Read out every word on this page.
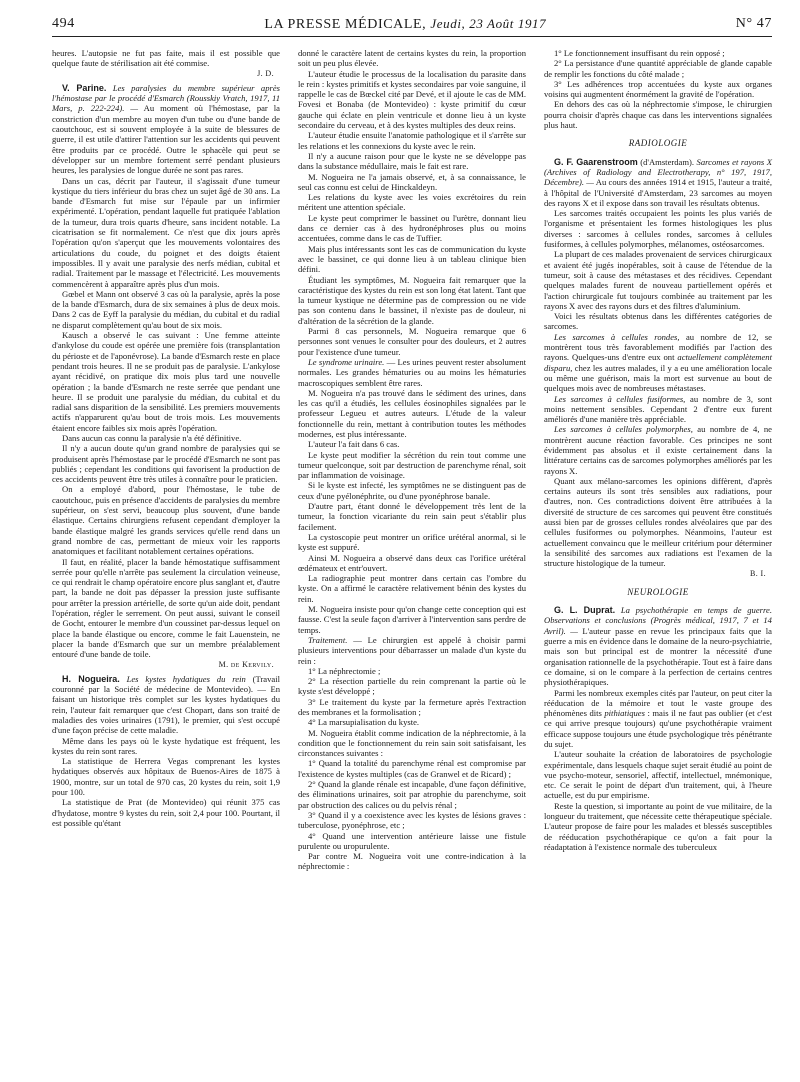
494	LA PRESSE MÉDICALE, Jeudi, 23 Août 1917	N° 47

heures. L'autopsie ne fut pas faite, mais il est possible que quelque faute de stérilisation ait été commise.

J. D.

V. Parine. Les paralysies du membre supérieur après l'hémostase par le procédé d'Esmarch (Rousskiy Vratch, 1917, 11 Mars, p. 222-224). — Au moment où l'hémostase, par la constriction d'un membre au moyen d'un tube ou d'une bande de caoutchouc, est si souvent employée à la suite de blessures de guerre, il est utile d'attirer l'attention sur les accidents qui peuvent être produits par ce procédé. Outre le sphacèle qui peut se développer sur un membre fortement serré pendant plusieurs heures, les paralysies de longue durée ne sont pas rares.

Dans un cas, décrit par l'auteur, il s'agissait d'une tumeur kystique du tiers inférieur du bras chez un sujet âgé de 30 ans. La bande d'Esmarch fut mise sur l'épaule par un infirmier expérimenté. L'opération, pendant laquelle fut pratiquée l'ablation de la tumeur, dura trois quarts d'heure, sans incident notable. La cicatrisation se fit normalement. Ce n'est que dix jours après l'opération qu'on s'aperçut que les mouvements volontaires des articulations du coude, du poignet et des doigts étaient impossibles. Il y avait une paralysie des nerfs médian, cubital et radial. Traitement par le massage et l'électricité. Les mouvements commencèrent à apparaître après plus d'un mois.

Gœbel et Mann ont observé 3 cas où la paralysie, après la pose de la bande d'Esmarch, dura de six semaines à plus de deux mois. Dans 2 cas de Eyff la paralysie du médian, du cubital et du radial ne disparut complètement qu'au bout de six mois.

Kausch a observé le cas suivant : Une femme atteinte d'ankylose du coude est opérée une première fois (transplantation du périoste et de l'aponévrose). La bande d'Esmarch reste en place pendant trois heures. Il ne se produit pas de paralysie. L'ankylose ayant récidivé, on pratique dix mois plus tard une nouvelle opération ; la bande d'Esmarch ne reste serrée que pendant une heure. Il se produit une paralysie du médian, du cubital et du radial sans disparition de la sensibilité. Les premiers mouvements actifs n'apparurent qu'au bout de trois mois. Les mouvements étaient encore faibles six mois après l'opération.

Dans aucun cas connu la paralysie n'a été définitive.

Il n'y a aucun doute qu'un grand nombre de paralysies qui se produisent après l'hémostase par le procédé d'Esmarch ne sont pas publiés ; cependant les conditions qui favorisent la production de ces accidents peuvent être très utiles à connaître pour le praticien.

On a employé d'abord, pour l'hémostase, le tube de caoutchouc, puis en présence d'accidents de paralysies du membre supérieur, on s'est servi, beaucoup plus souvent, d'une bande élastique. Certains chirurgiens refusent cependant d'employer la bande élastique malgré les grands services qu'elle rend dans un grand nombre de cas, permettant de mieux voir les rapports anatomiques et facilitant notablement certaines opérations.

Il faut, en réalité, placer la bande hémostatique suffisamment serrée pour qu'elle n'arrête pas seulement la circulation veineuse, ce qui rendrait le champ opératoire encore plus sanglant et, d'autre part, la bande ne doit pas dépasser la pression juste suffisante pour arrêter la pression artérielle, de sorte qu'un aide doit, pendant l'opération, régler le serrement. On peut aussi, suivant le conseil de Gocht, entourer le membre d'un coussinet par-dessus lequel on place la bande élastique ou encore, comme le fait Lauenstein, ne placer la bande d'Esmarch que sur un membre préalablement entouré d'une bande de toile.

M. de Kervily.

H. Nogueira. Les kystes hydatiques du rein (Travail couronné par la Société de médecine de Montevideo). — En faisant un historique très complet sur les kystes hydatiques du rein, l'auteur fait remarquer que c'est Chopart, dans son traité de maladies des voies urinaires (1791), le premier, qui s'est occupé d'une façon précise de cette maladie.

Même dans les pays où le kyste hydatique est fréquent, les kystes du rein sont rares.

La statistique de Herrera Vegas comprenant les kystes hydatiques observés aux hôpitaux de Buenos-Aires de 1875 à 1900, montre, sur un total de 970 cas, 20 kystes du rein, soit 1,9 pour 100.

La statistique de Prat (de Montevideo) qui réunit 375 cas d'hydatose, montre 9 kystes du rein, soit 2,4 pour 100. Pourtant, il est possible qu'étant

donné le caractère latent de certains kystes du rein, la proportion soit un peu plus élevée.

L'auteur étudie le processus de la localisation du parasite dans le rein : kystes primitifs et kystes secondaires par voie sanguine, il rappelle le cas de Bœckel cité par Devé, et il ajoute le cas de MM. Fovesi et Bonaba (de Montevideo) : kyste primitif du cœur gauche qui éclate en plein ventricule et donne lieu à un kyste secondaire du cerveau, et à des kystes multiples des deux reins.

L'auteur étudie ensuite l'anatomie pathologique et il s'arrête sur les relations et les connexions du kyste avec le rein.

Il n'y a aucune raison pour que le kyste ne se développe pas dans la substance médullaire, mais le fait est rare.

M. Nogueira ne l'a jamais observé, et, à sa connaissance, le seul cas connu est celui de Hinckaldeyn.

Les relations du kyste avec les voies excrétoires du rein méritent une attention spéciale.

Le kyste peut comprimer le bassinet ou l'urètre, donnant lieu dans ce dernier cas à des hydronéphroses plus ou moins accentuées, comme dans le cas de Tuffier.

Mais plus intéressants sont les cas de communication du kyste avec le bassinet, ce qui donne lieu à un tableau clinique bien défini.

Étudiant les symptômes, M. Nogueira fait remarquer que la caractéristique des kystes du rein est son long état latent. Tant que la tumeur kystique ne détermine pas de compression ou ne vide pas son contenu dans le bassinet, il n'existe pas de douleur, ni d'altération de la sécrétion de la glande.

Parmi 8 cas personnels, M. Nogueira remarque que 6 personnes sont venues le consulter pour des douleurs, et 2 autres pour l'existence d'une tumeur.

Le syndrome urinaire. — Les urines peuvent rester absolument normales. Les grandes hématuries ou au moins les hématuries macroscopiques semblent être rares.

M. Nogueira n'a pas trouvé dans le sédiment des urines, dans les cas qu'il a étudiés, les cellules éosinophiles signalées par le professeur Legueu et autres auteurs. L'étude de la valeur fonctionnelle du rein, mettant à contribution toutes les méthodes modernes, est plus intéressante.

L'auteur l'a fait dans 6 cas.

Le kyste peut modifier la sécrétion du rein tout comme une tumeur quelconque, soit par destruction de parenchyme rénal, soit par inflammation de voisinage.

Si le kyste est infecté, les symptômes ne se distinguent pas de ceux d'une pyélonéphrite, ou d'une pyonéphrose banale.

D'autre part, étant donné le développement très lent de la tumeur, la fonction vicariante du rein sain peut s'établir plus facilement.

La cystoscopie peut montrer un orifice urétéral anormal, si le kyste est suppuré.

Ainsi M. Nogueira a observé dans deux cas l'orifice urétéral œdémateux et entr'ouvert.

La radiographie peut montrer dans certain cas l'ombre du kyste. On a affirmé le caractère relativement bénin des kystes du rein.

M. Nogueira insiste pour qu'on change cette conception qui est fausse. C'est la seule façon d'arriver à l'intervention sans perdre de temps.

Traitement. — Le chirurgien est appelé à choisir parmi plusieurs interventions pour débarrasser un malade d'un kyste du rein :

1° La néphrectomie ;

2° La résection partielle du rein comprenant la partie où le kyste s'est développé ;

3° Le traitement du kyste par la fermeture après l'extraction des membranes et la formolisation ;

4° La marsupialisation du kyste.

M. Nogueira établit comme indication de la néphrectomie, à la condition que le fonctionnement du rein sain soit satisfaisant, les circonstances suivantes :

1° Quand la totalité du parenchyme rénal est compromise par l'existence de kystes multiples (cas de Granwel et de Ricard) ;

2° Quand la glande rénale est incapable, d'une façon définitive, des éliminations urinaires, soit par atrophie du parenchyme, soit par obstruction des calices ou du pelvis rénal ;

3° Quand il y a coexistence avec les kystes de lésions graves : tuberculose, pyonéphrose, etc ;

4° Quand une intervention antérieure laisse une fistule purulente ou uropurulente.

Par contre M. Nogueira voit une contre-indication à la néphrectomie :

1° Le fonctionnement insuffisant du rein opposé ;

2° La persistance d'une quantité appréciable de glande capable de remplir les fonctions du côté malade ;

3° Les adhérences trop accentuées du kyste aux organes voisins qui augmentent énormément la gravité de l'opération.

En dehors des cas où la néphrectomie s'impose, le chirurgien pourra choisir d'après chaque cas dans les interventions signalées plus haut.

RADIOLOGIE

G. F. Gaarenstroom (d'Amsterdam). Sarcomes et rayons X (Archives of Radiology and Electrotherapy, n° 197, 1917, Décembre). — Au cours des années 1914 et 1915, l'auteur a traité, à l'hôpital de l'Université d'Amsterdam, 23 sarcomes au moyen des rayons X et il expose dans son travail les résultats obtenus.

Les sarcomes traités occupaient les points les plus variés de l'organisme et présentaient les formes histologiques les plus diverses : sarcomes à cellules rondes, sarcomes à cellules fusiformes, à cellules polymorphes, mélanomes, ostéosarcomes.

La plupart de ces malades provenaient de services chirurgicaux et avaient été jugés inopérables, soit à cause de l'étendue de la tumeur, soit à cause des métastases et des récidives. Cependant quelques malades furent de nouveau partiellement opérés et l'action chirurgicale fut toujours combinée au traitement par les rayons X avec des rayons durs et des filtres d'aluminium.

Voici les résultats obtenus dans les différentes catégories de sarcomes.

Les sarcomes à cellules rondes, au nombre de 12, se montrèrent tous très favorablement modifiés par l'action des rayons. Quelques-uns d'entre eux ont actuellement complètement disparu, chez les autres malades, il y a eu une amélioration locale ou même une guérison, mais la mort est survenue au bout de quelques mois avec de nombreuses métastases.

Les sarcomes à cellules fusiformes, au nombre de 3, sont moins nettement sensibles. Cependant 2 d'entre eux furent améliorés d'une manière très appréciable.

Les sarcomes à cellules polymorphes, au nombre de 4, ne montrèrent aucune réaction favorable. Ces principes ne sont évidemment pas absolus et il existe certainement dans la littérature certains cas de sarcomes polymorphes améliorés par les rayons X.

Quant aux mélano-sarcomes les opinions diffèrent, d'après certains auteurs ils sont très sensibles aux radiations, pour d'autres, non. Ces contradictions doivent être attribuées à la diversité de structure de ces sarcomes qui peuvent être constitués aussi bien par de grosses cellules rondes alvéolaires que par des cellules fusiformes ou polymorphes. Néanmoins, l'auteur est actuellement convaincu que le meilleur critérium pour déterminer la sensibilité des sarcomes aux radiations est l'examen de la structure histologique de la tumeur.

B. I.
NEUROLOGIE

G. L. Duprat. La psychothérapie en temps de guerre. Observations et conclusions (Progrès médical, 1917, 7 et 14 Avril). — L'auteur passe en revue les principaux faits que la guerre a mis en évidence dans le domaine de la neuro-psychiatrie, mais son but principal est de montrer la nécessité d'une organisation rationnelle de la psychothérapie. Tout est à faire dans ce domaine, si on le compare à la perfection de certains centres physiothérapiques.

Parmi les nombreux exemples cités par l'auteur, on peut citer la rééducation de la mémoire et tout le vaste groupe des phénomènes dits pithiatiques : mais il ne faut pas oublier (et c'est ce qui arrive presque toujours) qu'une psychothérapie vraiment efficace suppose toujours une étude psychologique très pénétrante du sujet.

L'auteur souhaite la création de laboratoires de psychologie expérimentale, dans lesquels chaque sujet serait étudié au point de vue psycho-moteur, sensoriel, affectif, intellectuel, mnémonique, etc. Ce serait le point de départ d'un traitement, qui, à l'heure actuelle, est du pur empirisme.

Reste la question, si importante au point de vue militaire, de la longueur du traitement, que nécessite cette thérapeutique spéciale. L'auteur propose de faire pour les malades et blessés susceptibles de rééducation psychothérapique ce qu'on a fait pour la réadaptation à l'existence normale des tuberculeux
